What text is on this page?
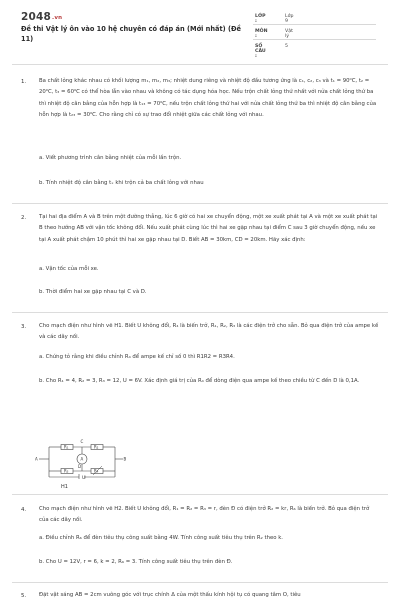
2048.vn
Đề thi Vật lý ôn vào 10 hệ chuyên có đáp án (Mới nhất) (Đề 11)
LỚP :
Lớp 9
MÔN :
Vật lý
SỐ CÂU :
5
1. Ba chất lỏng khác nhau có khối lượng m₁, m₂, m₃; nhiệt dung riêng và nhiệt độ đầu tương ứng là c₁, c₂, c₃ và t₁ = 90⁰C, t₂ = 20⁰C, t₃ = 60⁰C có thể hòa lẫn vào nhau và không có tác dụng hóa học. Nếu trộn chất lỏng thứ nhất với nửa chất lỏng thứ ba thì nhiệt độ cân bằng của hỗn hợp là t₁₃ = 70⁰C, nếu trộn chất lỏng thứ hai với nửa chất lỏng thứ ba thì nhiệt độ cân bằng của hỗn hợp là t₂₃ = 30⁰C. Cho rằng chỉ có sự trao đổi nhiệt giữa các chất lỏng với nhau.
a. Viết phương trình cân bằng nhiệt của mỗi lần trộn.
b. Tính nhiệt độ cân bằng tₓ khi trộn cả ba chất lỏng với nhau
2. Tại hai địa điểm A và B trên một đường thẳng, lúc 6 giờ có hai xe chuyển động, một xe xuất phát tại A và một xe xuất phát tại B theo hướng AB với vận tốc không đổi. Nếu xuất phát cùng lúc thì hai xe gặp nhau tại điểm C sau 3 giờ chuyển động, nếu xe tại A xuất phát chậm 10 phút thì hai xe gặp nhau tại D. Biết AB = 30km, CD = 20km. Hãy xác định:
a. Vận tốc của mỗi xe.
b. Thời điểm hai xe gặp nhau tại C và D.
3. Cho mạch điện như hình vẽ H1. Biết U không đổi, R₄ là biến trở, R₁, R₂, R₃ là các điện trở cho sẵn. Bỏ qua điện trở của ampe kế và các dây nối.
a. Chứng tỏ rằng khi điều chỉnh R₄ để ampe kế chỉ số 0 thì R1R2 = R3R4.
b. Cho R₁ = 4, R₂ = 3, R₃ = 12, U = 6V. Xác định giá trị của R₄ để dòng điện qua ampe kế theo chiều từ C đến D là 0,1A.
R₁	R₂
R₃	R₄
A
C
D
A	B
U
H1
4. Cho mạch điện như hình vẽ H2. Biết U không đổi, R₁ = R₂ = R₃ = r, đèn Đ có điện trở R₂ = kr, R₆ là biến trở. Bỏ qua điện trở của các dây nối.
a. Điều chỉnh R₆ để đèn tiêu thụ công suất bằng 4W. Tính công suất tiêu thụ trên R₂ theo k.
b. Cho U = 12V, r = 6, k = 2, R₆ = 3. Tính công suất tiêu thụ trên đèn Đ.
5. Đặt vật sáng AB = 2cm vuông góc với trục chính Δ của một thấu kính hội tụ có quang tâm O, tiêu
